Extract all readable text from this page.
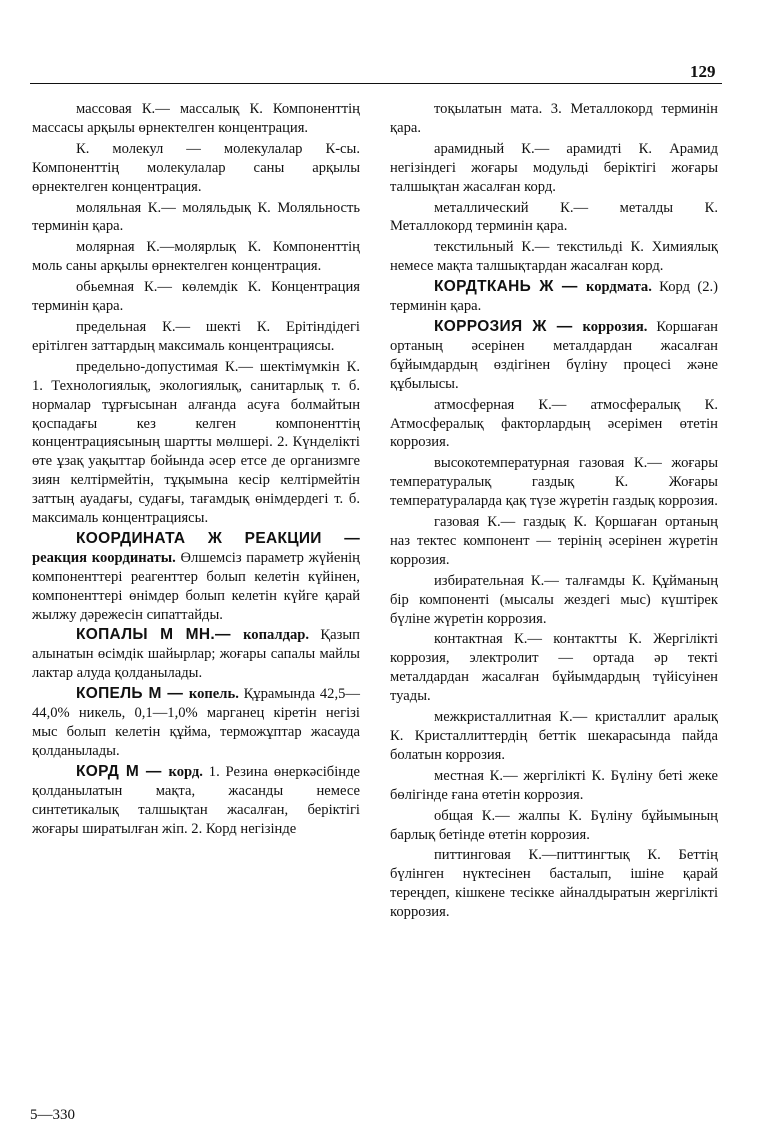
129

массовая К.— массалық К. Компоненттің массасы арқылы өрнектелген концентрация.

К. молекул — молекулалар К-сы. Компоненттің молекулалар саны арқылы өрнектелген концентрация.

моляльная К.— моляльдық К. Моляльность терминін қара.

молярная К.—молярлық К. Компоненттің моль саны арқылы өрнектелген концентрация.

обьемная К.— көлемдік К. Концентрация терминін қара.

предельная К.— шекті К. Ерітіндідегі ерітілген заттардың максималь концентрациясы.

предельно-допустимая К.— шектімүмкін К. 1. Технологиялық, экологиялық, санитарлық т. б. нормалар тұрғысынан алғанда асуға болмайтын қоспадағы кез келген компоненттің концентрациясының шартты мөлшері. 2. Күнделікті өте ұзақ уақыттар бойында әсер етсе де организмге зиян келтірмейтін, тұқымына кесір келтірмейтін заттың ауадағы, судағы, тағамдық өнімдердегі т. б. максималь концентрациясы.

КООРДИНАТА Ж РЕАКЦИИ — реакция координаты. Өлшемсіз параметр жүйенің компоненттері реагенттер болып келетін күйінен, компоненттері өнімдер болып келетін күйге қарай жылжу дәрежесін сипаттайды.

КОПАЛЫ М МН.— копалдар. Қазып алынатын өсімдік шайырлар; жоғары сапалы майлы лактар алуда қолданылады.

КОПЕЛЬ М — копель. Құрамында 42,5—44,0% никель, 0,1—1,0% марганец кіретін негізі мыс болып келетін құйма, терможұптар жасауда қолданылады.

КОРД М — корд. 1. Резина өнеркәсібінде қолданылатын мақта, жасанды немесе синтетикалық талшықтан жасалған, беріктігі жоғары ширатылған жіп. 2. Корд негізінде

тоқылатын мата. 3. Металлокорд терминін қара.

арамидный К.— арамидті К. Арамид негізіндегі жоғары модульді беріктігі жоғары талшықтан жасалған корд.

металлический К.— металды К. Металлокорд терминін қара.

текстильный К.— текстильді К. Химиялық немесе мақта талшықтардан жасалған корд.

КОРДТКАНЬ Ж — кордмата. Корд (2.) терминін қара.

КОРРОЗИЯ Ж — коррозия. Коршаған ортаның әсерінен металдардан жасалған бұйымдардың өздігінен бүліну процесі және құбылысы.

атмосферная К.— атмосфералық К. Атмосфералық факторлардың әсерімен өтетін коррозия.

высокотемпературная газовая К.— жоғары температуралық газдық К. Жоғары температураларда қақ түзе жүретін газдық коррозия.

газовая К.— газдық К. Қоршаған ортаның наз тектес компонент — терінің әсерінен жүретін коррозия.

избирательная К.— талғамды К. Құйманың бір компоненті (мысалы жездегі мыс) күштірек бүліне жүретін коррозия.

контактная К.— контактты К. Жергілікті коррозия, электролит — ортада әр текті металдардан жасалған бұйымдардың түйісуінен туады.

межкристаллитная К.— кристаллит аралық К. Кристаллиттердің беттік шекарасында пайда болатын коррозия.

местная К.— жергілікті К. Бүліну беті жеке бөлігінде ғана өтетін коррозия.

общая К.— жалпы К. Бүліну бұйымының барлық бетінде өтетін коррозия.

питтинговая К.—питтингтық К. Беттің бүлінген нүктесінен басталып, ішіне қарай тереңдеп, кішкене тесікке айналдыратын жергілікті коррозия.

5—330
